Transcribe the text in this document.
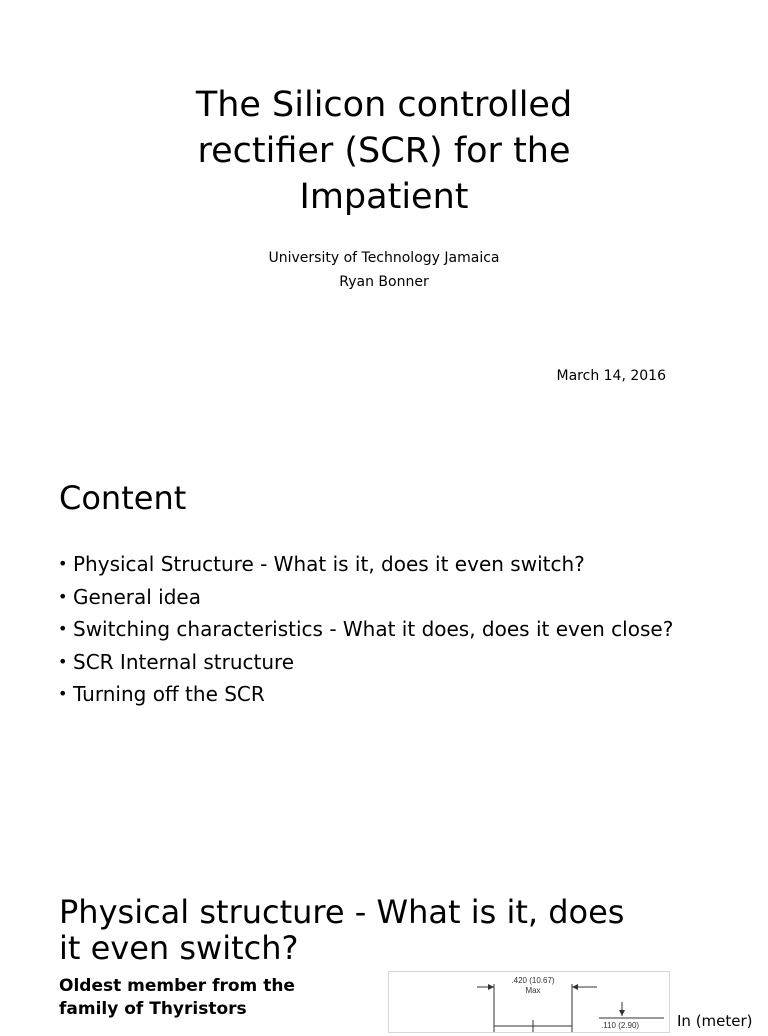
The Silicon controlled
rectifier (SCR) for the
Impatient
University of Technology Jamaica
Ryan Bonner
March 14, 2016
Content
• Physical Structure - What is it, does it even switch?
• General idea
• Switching characteristics - What it does, does it even close?
• SCR Internal structure
• Turning off the SCR
Physical structure - What is it, does
it even switch?
Oldest member from the
family of Thyristors
.420 (10.67)
Max
.110 (2.90)	In (meter)
